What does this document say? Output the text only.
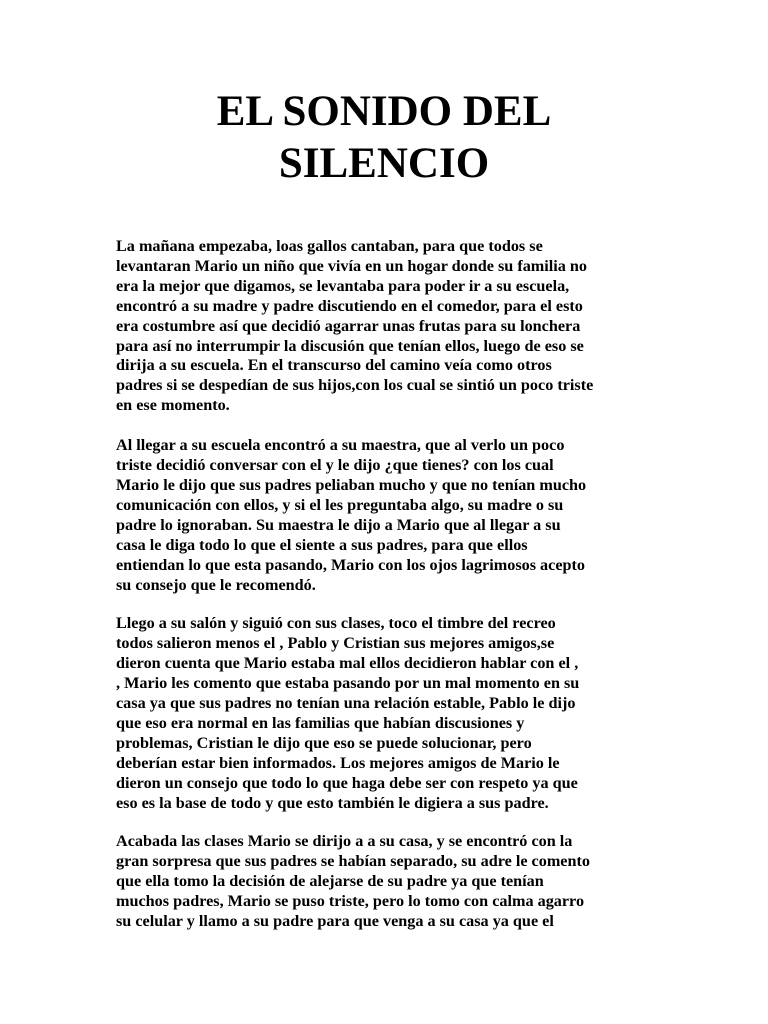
EL SONIDO DEL
SILENCIO

La mañana empezaba, loas gallos cantaban, para que todos se
levantaran Mario un niño que vivía en un hogar donde su familia no
era la mejor que digamos, se levantaba para poder ir a su escuela,
encontró a su madre y padre discutiendo en el comedor, para el esto
era costumbre así que decidió agarrar unas frutas para su lonchera
para así no interrumpir la discusión que tenían ellos, luego de eso se
dirija a su escuela. En el transcurso del camino veía como otros
padres si se despedían de sus hijos,con los cual se sintió un poco triste
en ese momento.

Al llegar a su escuela encontró a su maestra, que al verlo un poco
triste decidió conversar con el y le dijo ¿que tienes? con los cual
Mario le dijo que sus padres peliaban mucho y que no tenían mucho
comunicación con ellos, y si el les preguntaba algo, su madre o su
padre lo ignoraban. Su maestra le dijo a Mario que al llegar a su
casa le diga todo lo que el siente a sus padres, para que ellos
entiendan lo que esta pasando, Mario con los ojos lagrimosos acepto
su consejo que le recomendó.

Llego a su salón y siguió con sus clases, toco el timbre del recreo
todos salieron menos el , Pablo y Cristian sus mejores amigos,se
dieron cuenta que Mario estaba mal ellos decidieron hablar con el ,
, Mario les comento que estaba pasando por un mal momento en su
casa ya que sus padres no tenían una relación estable, Pablo le dijo
que eso era normal en las familias que habían discusiones y
problemas, Cristian le dijo que eso se puede solucionar, pero
deberían estar bien informados. Los mejores amigos de Mario le
dieron un consejo que todo lo que haga debe ser con respeto ya que
eso es la base de todo y que esto también le digiera a sus padre.

Acabada las clases Mario se dirijo a a su casa, y se encontró con la
gran sorpresa que sus padres se habían separado, su adre le comento
que ella tomo la decisión de alejarse de su padre ya que tenían
muchos padres, Mario se puso triste, pero lo tomo con calma agarro
su celular y llamo a su padre para que venga a su casa ya que el
